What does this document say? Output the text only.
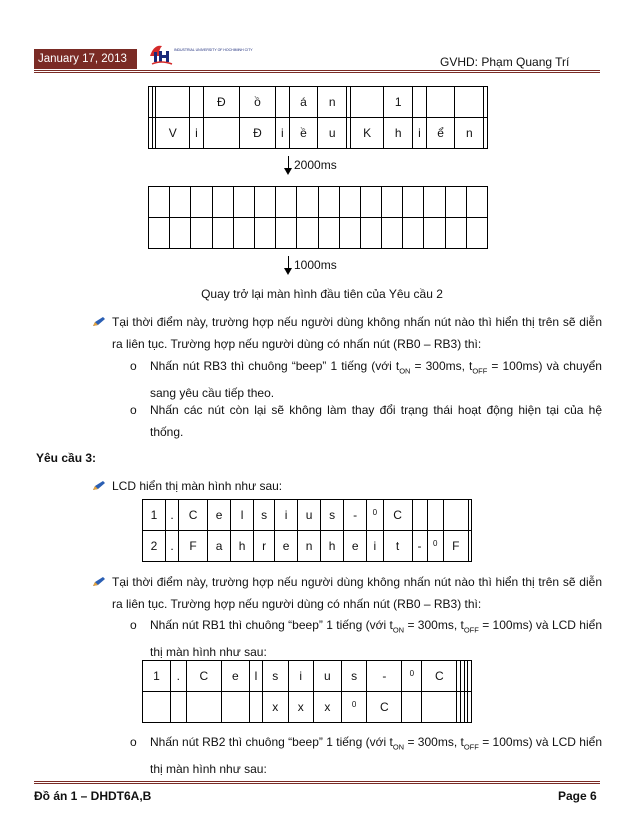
January 17, 2013
INDUSTRIAL UNIVERSITY OF HOCHIMINH CITY
GVHD: Phạm Quang Trí
				Đ	ồ		á	n			1				
		V	i		Đ	i	ề	u		K	h	i	ể	n	
2000ms

1000ms
Quay trở lại màn hình đầu tiên của Yêu cầu 2
Tại thời điểm này, trường hợp nếu người dùng không nhấn nút nào thì hiển thị trên sẽ diễn ra liên tục. Trường hợp nếu người dùng có nhấn nút (RB0 – RB3) thì:
o Nhấn nút RB3 thì chuông “beep” 1 tiếng (với $t_{ON} = 300ms$, $t_{OFF} = 100ms$) và chuyển sang yêu cầu tiếp theo.
o Nhấn các nút còn lại sẽ không làm thay đổi trạng thái hoạt động hiện tại của hệ thống.
Yêu cầu 3:
LCD hiển thị màn hình như sau:
1	.	C	e	l	s	i	u	s	-	$^0$	C				
2	.	F	a	h	r	e	n	h	e	i	t	-	$^0$	F	
Tại thời điểm này, trường hợp nếu người dùng không nhấn nút nào thì hiển thị trên sẽ diễn ra liên tục. Trường hợp nếu người dùng có nhấn nút (RB0 – RB3) thì:
o Nhấn nút RB1 thì chuông “beep” 1 tiếng (với $t_{ON} = 300ms$, $t_{OFF} = 100ms$) và LCD hiển thị màn hình như sau:
1	.	C	e	l	s	i	u	s	-	$^0$	C				
					x	x	x	$^0$	C						
o Nhấn nút RB2 thì chuông “beep” 1 tiếng (với $t_{ON} = 300ms$, $t_{OFF} = 100ms$) và LCD hiển thị màn hình như sau:
Đồ án 1 – DHDT6A,B	Page 6
